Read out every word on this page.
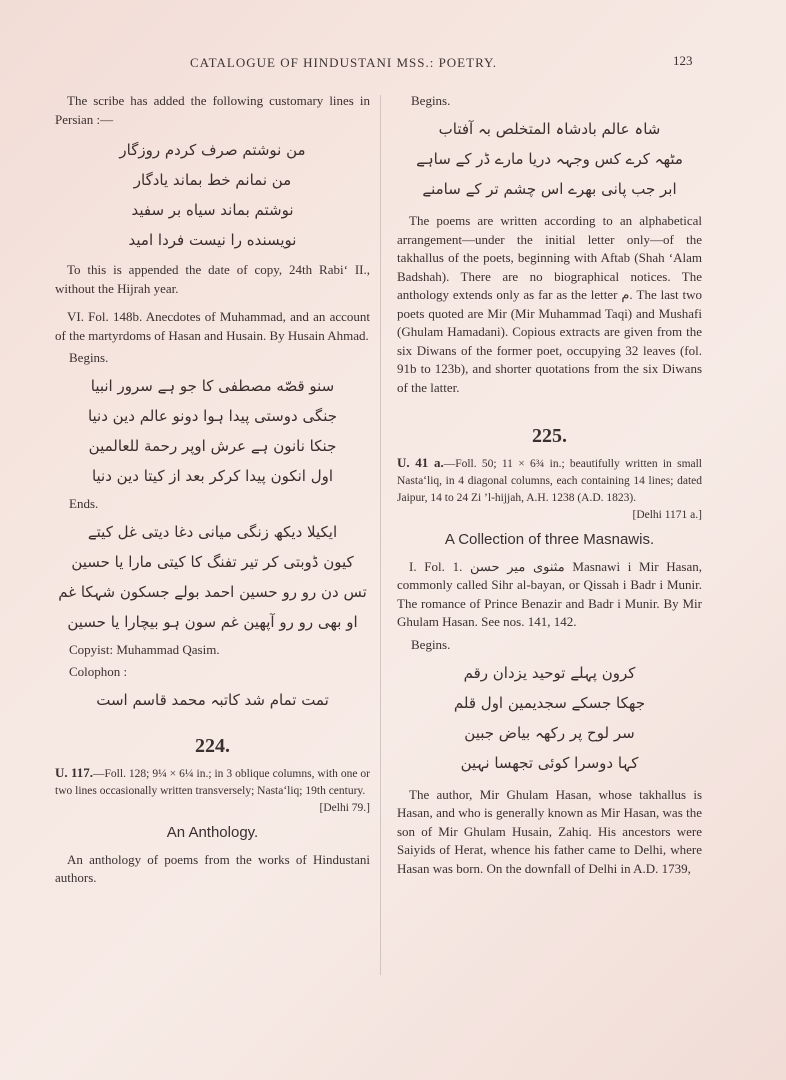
CATALOGUE OF HINDUSTANI MSS.: POETRY.	123

The scribe has added the following customary lines in Persian :—

من نوشتم صرف کردم روزگار
من نمانم خط بماند یادگار
نوشتم بماند سیاه بر سفید
نویسنده را نیست فردا امید

To this is appended the date of copy, 24th Rabi‘ II., without the Hijrah year.

VI. Fol. 148b. Anecdotes of Muhammad, and an account of the martyrdoms of Hasan and Husain. By Husain Ahmad.

Begins.
سنو قصّه مصطفی کا جو ہے سرور انبیا
جنگی دوستی پیدا ہوا دونو عالم دین دنیا
جنکا نانون ہے عرش اوپر رحمة للعالمین
اول انکون پیدا کرکر بعد از کیتا دین دنیا
Ends.
ایکیلا دیکھ زنگی میانی دغا دیتی غل کیتے
کیون ڈوبتی کر تیر تفنگ کا کیتی مارا یا حسین
تس دن رو رو حسین احمد بولے جسکون شہکا غم
او بھی رو رو آپھین غم سون ہو بیچارا یا حسین
Copyist: Muhammad Qasim.
Colophon :
تمت تمام شد کاتبہ محمد قاسم است

224.

U. 117.—Foll. 128; 9¼ × 6¼ in.; in 3 oblique columns, with one or two lines occasionally written transversely; Nasta‘liq; 19th century.

[Delhi 79.]
An Anthology.

An anthology of poems from the works of Hindustani authors.

Begins.
شاہ عالم بادشاہ المتخلص بہ آفتاب
مٹھہ کرے کس وجہہ دریا مارے ڈر کے ساہے
ابر جب پانی بھرے اس چشم تر کے سامنے

The poems are written according to an alphabetical arrangement—under the initial letter only—of the takhallus of the poets, beginning with Aftab (Shah ‘Alam Badshah). There are no biographical notices. The anthology extends only as far as the letter م. The last two poets quoted are Mir (Mir Muhammad Taqi) and Mushafi (Ghulam Hamadani). Copious extracts are given from the six Diwans of the former poet, occupying 32 leaves (fol. 91b to 123b), and shorter quotations from the six Diwans of the latter.

225.

U. 41 a.—Foll. 50; 11 × 6¾ in.; beautifully written in small Nasta‘liq, in 4 diagonal columns, each containing 14 lines; dated Jaipur, 14 to 24 Zi ’l-hijjah, A.H. 1238 (A.D. 1823).

[Delhi 1171 a.]
A Collection of three Masnawis.

I. Fol. 1. مثنوی میر حسن Masnawi i Mir Hasan, commonly called Sihr al-bayan, or Qissah i Badr i Munir. The romance of Prince Benazir and Badr i Munir. By Mir Ghulam Hasan. See nos. 141, 142.

Begins.
کرون پہلے توحید یزدان رقم
جھکا جسکے سجدیمین اول قلم
سر لوح پر رکھہ بیاض جبین
کہا دوسرا کوئی تجھسا نہین

The author, Mir Ghulam Hasan, whose takhallus is Hasan, and who is generally known as Mir Hasan, was the son of Mir Ghulam Husain, Zahiq. His ancestors were Saiyids of Herat, whence his father came to Delhi, where Hasan was born. On the downfall of Delhi in A.D. 1739,
